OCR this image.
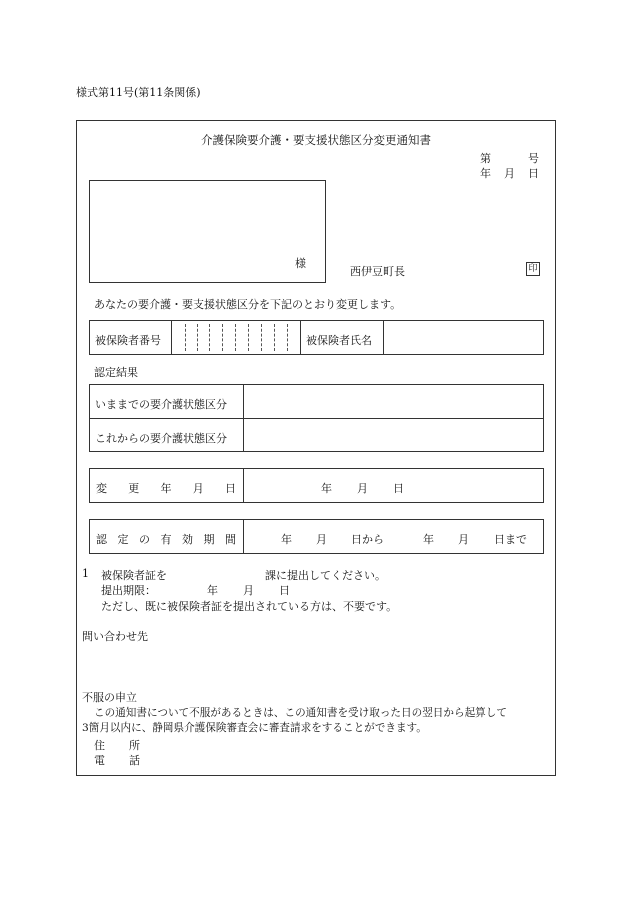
様式第11号(第11条関係)
介護保険要介護・要支援状態区分変更通知書
第	号
年 月 日
様
西伊豆町長	印
あなたの要介護・要支援状態区分を下記のとおり変更します。
被保険者番号	被保険者氏名
認定結果
いままでの要介護状態区分
これからの要介護状態区分
変 更 年 月 日	年 月 日
認 定 の 有 効 期 間	年 月 日から	年 月 日まで
1 被保険者証を	課に提出してください。
提出期限：	年 月 日
ただし、既に被保険者証を提出されている方は、不要です。
問い合わせ先
不服の申立
この通知書について不服があるときは、この通知書を受け取った日の翌日から起算して
3箇月以内に、静岡県介護保険審査会に審査請求をすることができます。
住 所
電 話
